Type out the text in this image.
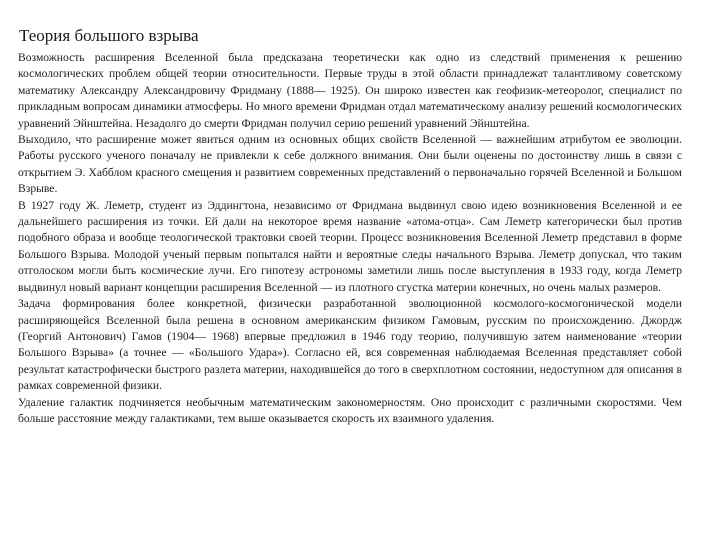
Теория большого взрыва

Возможность расширения Вселенной была предсказана теоретически как одно из следствий применения к решению космологических проблем общей теории относительности. Первые труды в этой области принадлежат талантливому советскому математику Александру Александровичу Фридману (1888— 1925). Он широко известен как геофизик-метеоролог, специалист по прикладным вопросам динамики атмосферы. Но много времени Фридман отдал математическому анализу решений космологических уравнений Эйнштейна. Незадолго до смерти Фридман получил серию решений уравнений Эйнштейна.

Выходило, что расширение может явиться одним из основных общих свойств Вселенной — важнейшим атрибутом ее эволюции. Работы русского ученого поначалу не привлекли к себе должного внимания. Они были оценены по достоинству лишь в связи с открытием Э. Хабблом красного смещения и развитием современных представлений о первоначально горячей Вселенной и Большом Взрыве.

В 1927 году Ж. Леметр, студент из Эддингтона, независимо от Фридмана выдвинул свою идею возникновения Вселенной и ее дальнейшего расширения из точки. Ей дали на некоторое время название «атома-отца». Сам Леметр категорически был против подобного образа и вообще теологической трактовки своей теории. Процесс возникновения Вселенной Леметр представил в форме Большого Взрыва. Молодой ученый первым попытался найти и вероятные следы начального Взрыва. Леметр допускал, что таким отголоском могли быть космические лучи. Его гипотезу астрономы заметили лишь после выступления в 1933 году, когда Леметр выдвинул новый вариант концепции расширения Вселенной — из плотного сгустка материи конечных, но очень малых размеров.

Задача формирования более конкретной, физически разработанной эволюционной космолого-космогонической модели расширяющейся Вселенной была решена в основном американским физиком Гамовым, русским по происхождению. Джордж (Георгий Антонович) Гамов (1904— 1968) впервые предложил в 1946 году теорию, получившую затем наименование «теории Большого Взрыва» (а точнее — «Большого Удара»). Согласно ей, вся современная наблюдаемая Вселенная представляет собой результат катастрофически быстрого разлета материи, находившейся до того в сверхплотном состоянии, недоступном для описания в рамках современной физики.

Удаление галактик подчиняется необычным математическим закономерностям. Оно происходит с различными скоростями. Чем больше расстояние между галактиками, тем выше оказывается скорость их взаимного удаления.
